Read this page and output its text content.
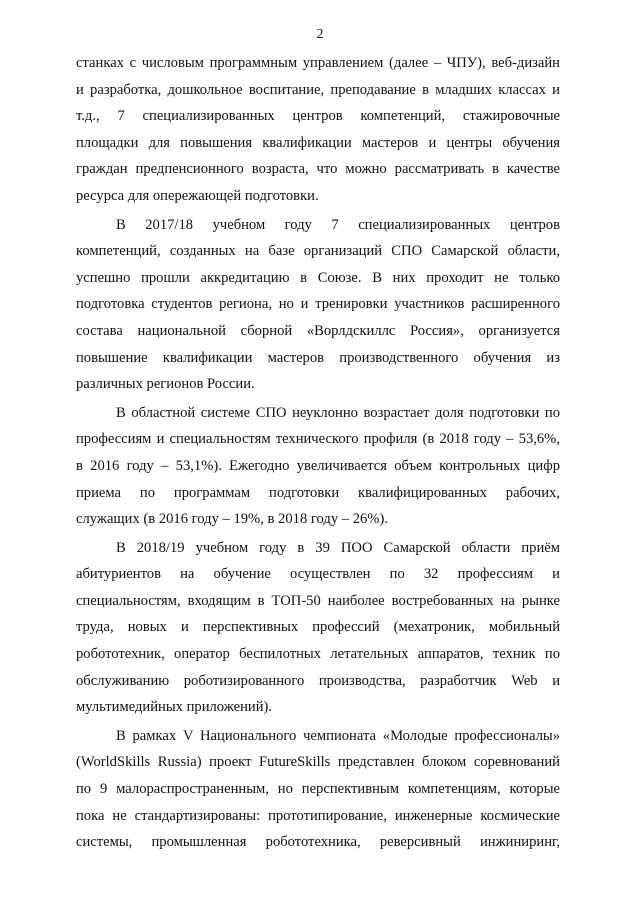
2

станках с числовым программным управлением (далее – ЧПУ), веб-дизайн
и разработка, дошкольное воспитание, преподавание в младших классах и
т.д., 7 специализированных центров компетенций, стажировочные
площадки для повышения квалификации мастеров и центры обучения
граждан предпенсионного возраста, что можно рассматривать в качестве
ресурса для опережающей подготовки.

В 2017/18 учебном году 7 специализированных центров
компетенций, созданных на базе организаций СПО Самарской области,
успешно прошли аккредитацию в Союзе. В них проходит не только
подготовка студентов региона, но и тренировки участников расширенного
состава национальной сборной «Ворлдскиллс Россия», организуется
повышение квалификации мастеров производственного обучения из
различных регионов России.

В областной системе СПО неуклонно возрастает доля подготовки по
профессиям и специальностям технического профиля (в 2018 году – 53,6%,
в 2016 году – 53,1%). Ежегодно увеличивается объем контрольных цифр
приема по программам подготовки квалифицированных рабочих,
служащих (в 2016 году – 19%, в 2018 году – 26%).

В 2018/19 учебном году в 39 ПОО Самарской области приём
абитуриентов на обучение осуществлен по 32 профессиям и
специальностям, входящим в ТОП-50 наиболее востребованных на рынке
труда, новых и перспективных профессий (мехатроник, мобильный
робототехник, оператор беспилотных летательных аппаратов, техник по
обслуживанию роботизированного производства, разработчик Web и
мультимедийных приложений).

В рамках V Национального чемпионата «Молодые профессионалы»
(WorldSkills Russia) проект FutureSkills представлен блоком соревнований
по 9 малораспространенным, но перспективным компетенциям, которые
пока не стандартизированы: прототипирование, инженерные космические
системы, промышленная робототехника, реверсивный инжиниринг,
